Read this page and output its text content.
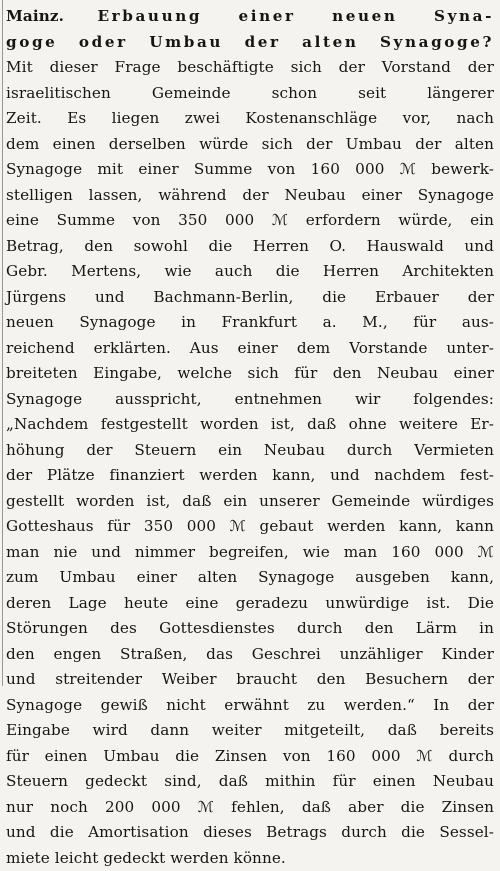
Mainz. Erbauung einer neuen Syna-
goge oder Umbau der alten Synagoge?
Mit dieser Frage beschäftigte sich der Vorstand der
israelitischen Gemeinde schon seit längerer
Zeit. Es liegen zwei Kostenanschläge vor, nach
dem einen derselben würde sich der Umbau der alten
Synagoge mit einer Summe von 160 000 ℳ bewerk-
stelligen lassen, während der Neubau einer Synagoge
eine Summe von 350 000 ℳ erfordern würde, ein
Betrag, den sowohl die Herren O. Hauswald und
Gebr. Mertens, wie auch die Herren Architekten
Jürgens und Bachmann-Berlin, die Erbauer der
neuen Synagoge in Frankfurt a. M., für aus-
reichend erklärten. Aus einer dem Vorstande unter-
breiteten Eingabe, welche sich für den Neubau einer
Synagoge ausspricht, entnehmen wir folgendes:
„Nachdem festgestellt worden ist, daß ohne weitere Er-
höhung der Steuern ein Neubau durch Vermieten
der Plätze finanziert werden kann, und nachdem fest-
gestellt worden ist, daß ein unserer Gemeinde würdiges
Gotteshaus für 350 000 ℳ gebaut werden kann, kann
man nie und nimmer begreifen, wie man 160 000 ℳ
zum Umbau einer alten Synagoge ausgeben kann,
deren Lage heute eine geradezu unwürdige ist. Die
Störungen des Gottesdienstes durch den Lärm in
den engen Straßen, das Geschrei unzähliger Kinder
und streitender Weiber braucht den Besuchern der
Synagoge gewiß nicht erwähnt zu werden.“ In der
Eingabe wird dann weiter mitgeteilt, daß bereits
für einen Umbau die Zinsen von 160 000 ℳ durch
Steuern gedeckt sind, daß mithin für einen Neubau
nur noch 200 000 ℳ fehlen, daß aber die Zinsen
und die Amortisation dieses Betrags durch die Sessel-
miete leicht gedeckt werden könne.
